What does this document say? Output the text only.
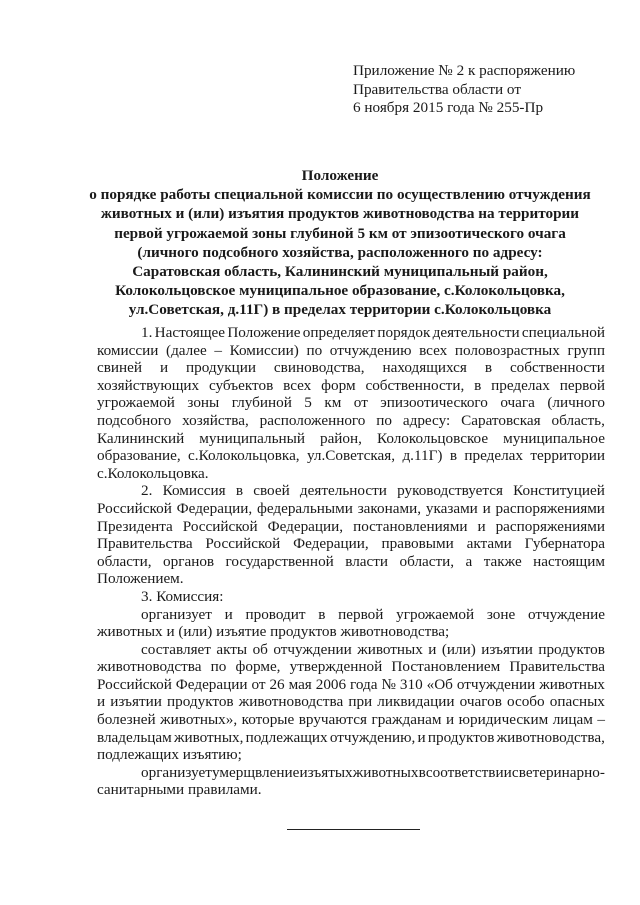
Приложение № 2 к распоряжению
Правительства области от
6 ноября 2015 года № 255-Пр
Положение
о порядке работы специальной комиссии по осуществлению отчуждения
животных и (или) изъятия продуктов животноводства на территории
первой угрожаемой зоны глубиной 5 км от эпизоотического очага
(личного подсобного хозяйства, расположенного по адресу:
Саратовская область, Калининский муниципальный район,
Колокольцовское муниципальное образование, с.Колокольцовка,
ул.Советская, д.11Г) в пределах территории с.Колокольцовка
1. Настоящее Положение определяет порядок деятельности специальной
комиссии (далее – Комиссии) по отчуждению всех половозрастных групп
свиней и продукции свиноводства, находящихся в собственности
хозяйствующих субъектов всех форм собственности, в пределах первой
угрожаемой зоны глубиной 5 км от эпизоотического очага (личного
подсобного хозяйства, расположенного по адресу: Саратовская область,
Калининский муниципальный район, Колокольцовское муниципальное
образование, с.Колокольцовка, ул.Советская, д.11Г) в пределах территории
с.Колокольцовка.
2. Комиссия в своей деятельности руководствуется Конституцией
Российской Федерации, федеральными законами, указами и распоряжениями
Президента Российской Федерации, постановлениями и распоряжениями
Правительства Российской Федерации, правовыми актами Губернатора
области, органов государственной власти области, а также настоящим
Положением.
3. Комиссия:
организует и проводит в первой угрожаемой зоне отчуждение
животных и (или) изъятие продуктов животноводства;
составляет акты об отчуждении животных и (или) изъятии продуктов
животноводства по форме, утвержденной Постановлением Правительства
Российской Федерации от 26 мая 2006 года № 310 «Об отчуждении животных
и изъятии продуктов животноводства при ликвидации очагов особо опасных
болезней животных», которые вручаются гражданам и юридическим лицам –
владельцам животных, подлежащих отчуждению, и продуктов животноводства,
подлежащих изъятию;
организует умерщвление изъятых животных в соответствии с ветеринарно-
санитарными правилами.
